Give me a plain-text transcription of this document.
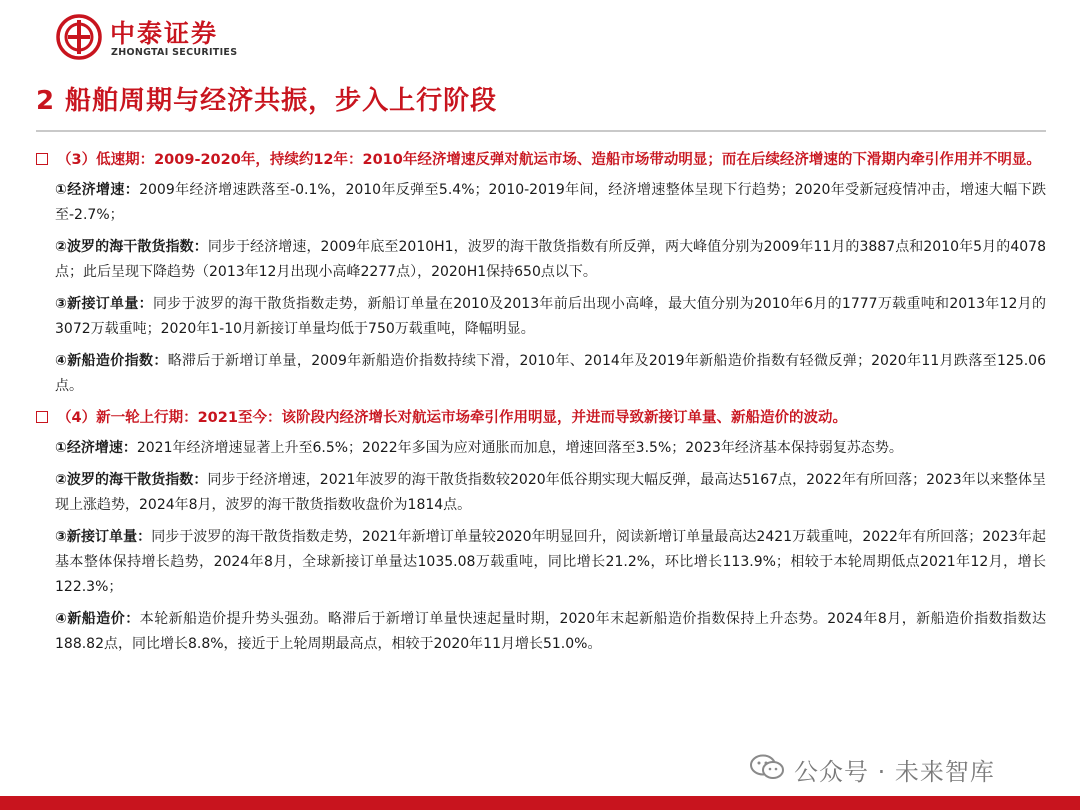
中泰证券
ZHONGTAI SECURITIES
2 船舶周期与经济共振，步入上行阶段
（3）低速期：2009-2020年，持续约12年：2010年经济增速反弹对航运市场、造船市场带动明显；而在后续经济增速的下滑期内牵引作用并不明显。
①经济增速：2009年经济增速跌落至-0.1%，2010年反弹至5.4%；2010-2019年间，经济增速整体呈现下行趋势；2020年受新冠疫情冲击，增速大幅下跌至-2.7%；
②波罗的海干散货指数：同步于经济增速，2009年底至2010H1，波罗的海干散货指数有所反弹，两大峰值分别为2009年11月的3887点和2010年5月的4078点；此后呈现下降趋势（2013年12月出现小高峰2277点），2020H1保持650点以下。
③新接订单量：同步于波罗的海干散货指数走势，新船订单量在2010及2013年前后出现小高峰，最大值分别为2010年6月的1777万载重吨和2013年12月的3072万载重吨；2020年1-10月新接订单量均低于750万载重吨，降幅明显。
④新船造价指数：略滞后于新增订单量，2009年新船造价指数持续下滑，2010年、2014年及2019年新船造价指数有轻微反弹；2020年11月跌落至125.06点。
（4）新一轮上行期：2021至今：该阶段内经济增长对航运市场牵引作用明显，并进而导致新接订单量、新船造价的波动。
①经济增速：2021年经济增速显著上升至6.5%；2022年多国为应对通胀而加息，增速回落至3.5%；2023年经济基本保持弱复苏态势。
②波罗的海干散货指数：同步于经济增速，2021年波罗的海干散货指数较2020年低谷期实现大幅反弹，最高达5167点，2022年有所回落；2023年以来整体呈现上涨趋势，2024年8月，波罗的海干散货指数收盘价为1814点。
③新接订单量：同步于波罗的海干散货指数走势，2021年新增订单量较2020年明显回升，阅读新增订单量最高达2421万载重吨，2022年有所回落；2023年起基本整体保持增长趋势，2024年8月，全球新接订单量达1035.08万载重吨，同比增长21.2%，环比增长113.9%；相较于本轮周期低点2021年12月，增长122.3%；
④新船造价：本轮新船造价提升势头强劲。略滞后于新增订单量快速起量时期，2020年末起新船造价指数保持上升态势。2024年8月，新船造价指数指数达188.82点，同比增长8.8%，接近于上轮周期最高点，相较于2020年11月增长51.0%。
公众号 · 未来智库
